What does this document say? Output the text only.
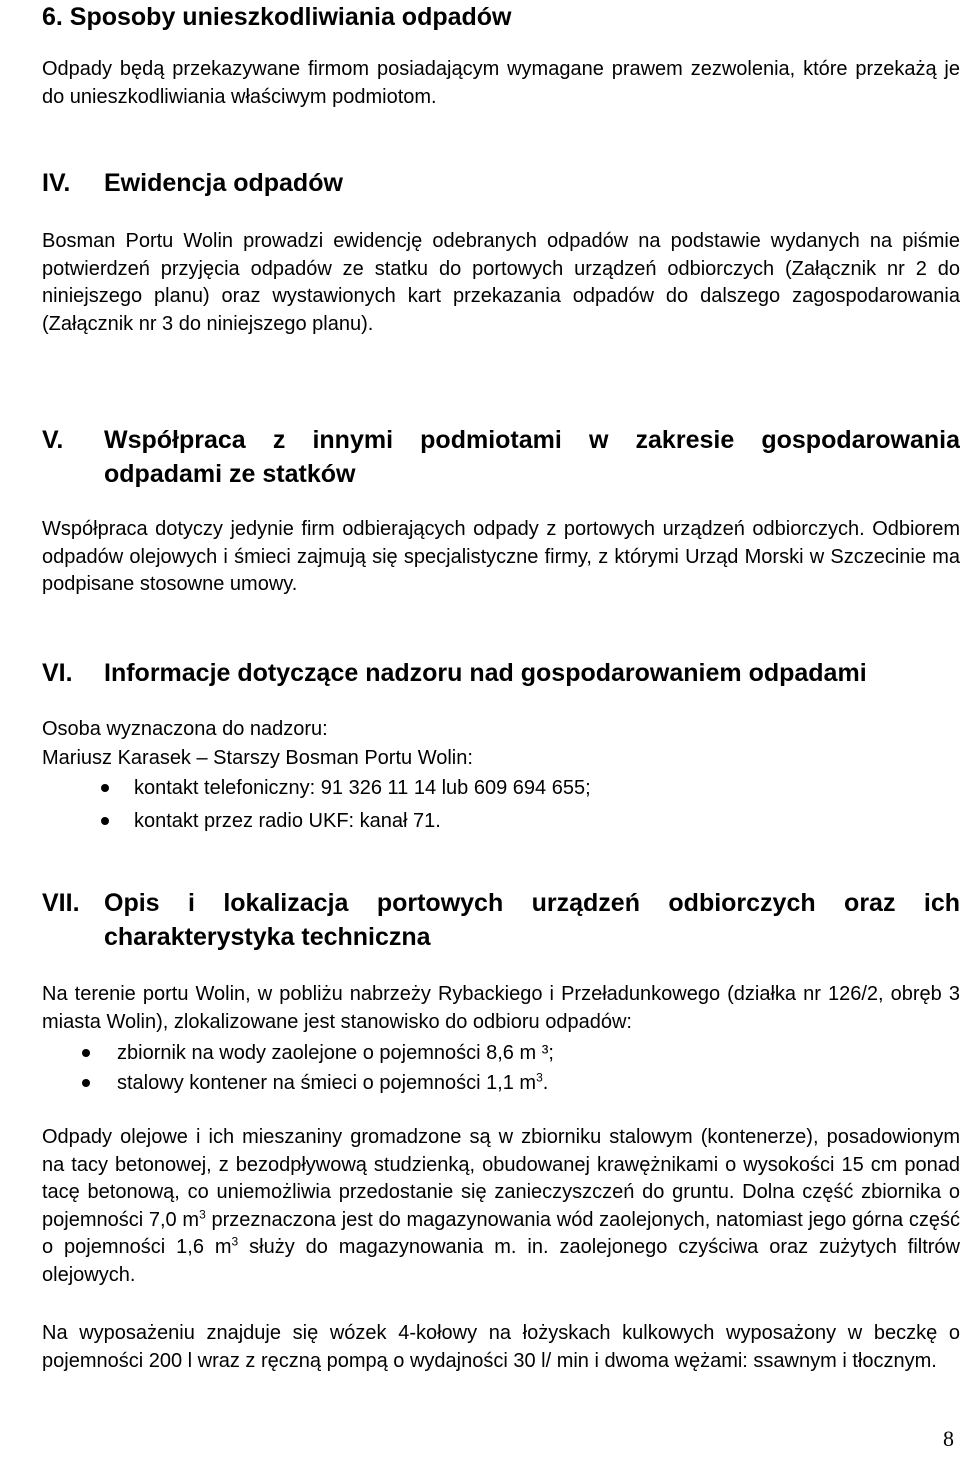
6. Sposoby unieszkodliwiania odpadów
Odpady będą przekazywane firmom posiadającym wymagane prawem zezwolenia, które przekażą je do unieszkodliwiania właściwym podmiotom.
IV.	Ewidencja odpadów
Bosman Portu Wolin prowadzi ewidencję odebranych odpadów na podstawie wydanych na piśmie potwierdzeń przyjęcia odpadów ze statku do portowych urządzeń odbiorczych (Załącznik nr 2 do niniejszego planu) oraz wystawionych kart przekazania odpadów do dalszego zagospodarowania (Załącznik nr 3 do niniejszego planu).
V.	Współpraca z innymi podmiotami w zakresie gospodarowania odpadami ze statków
Współpraca dotyczy jedynie firm odbierających odpady z portowych urządzeń odbiorczych. Odbiorem odpadów olejowych i śmieci zajmują się specjalistyczne firmy, z którymi Urząd Morski w Szczecinie ma podpisane stosowne umowy.
VI.	Informacje dotyczące nadzoru nad gospodarowaniem odpadami
Osoba wyznaczona do nadzoru:
Mariusz Karasek – Starszy Bosman Portu Wolin:
kontakt telefoniczny: 91 326 11 14 lub 609 694 655;
kontakt przez radio UKF: kanał 71.
VII. Opis i lokalizacja portowych urządzeń odbiorczych oraz ich charakterystyka techniczna
Na terenie portu Wolin, w pobliżu nabrzeży Rybackiego i Przeładunkowego (działka nr 126/2, obręb 3 miasta Wolin), zlokalizowane jest stanowisko do odbioru odpadów:
zbiornik na wody zaolejone o pojemności 8,6 m ³;
stalowy kontener na śmieci o pojemności 1,1 $m^3$.
Odpady olejowe i ich mieszaniny gromadzone są w zbiorniku stalowym (kontenerze), posadowionym na tacy betonowej, z bezodpływową studzienką, obudowanej krawężnikami o wysokości 15 cm ponad tacę betonową, co uniemożliwia przedostanie się zanieczyszczeń do gruntu. Dolna część zbiornika o pojemności 7,0 $m^3$ przeznaczona jest do magazynowania wód zaolejonych, natomiast jego górna część o pojemności 1,6 $m^3$ służy do magazynowania m. in. zaolejonego czyściwa oraz zużytych filtrów olejowych.
Na wyposażeniu znajduje się wózek 4-kołowy na łożyskach kulkowych wyposażony w beczkę o pojemności 200 l wraz z ręczną pompą o wydajności 30 l/ min i dwoma wężami: ssawnym i tłocznym.
8
